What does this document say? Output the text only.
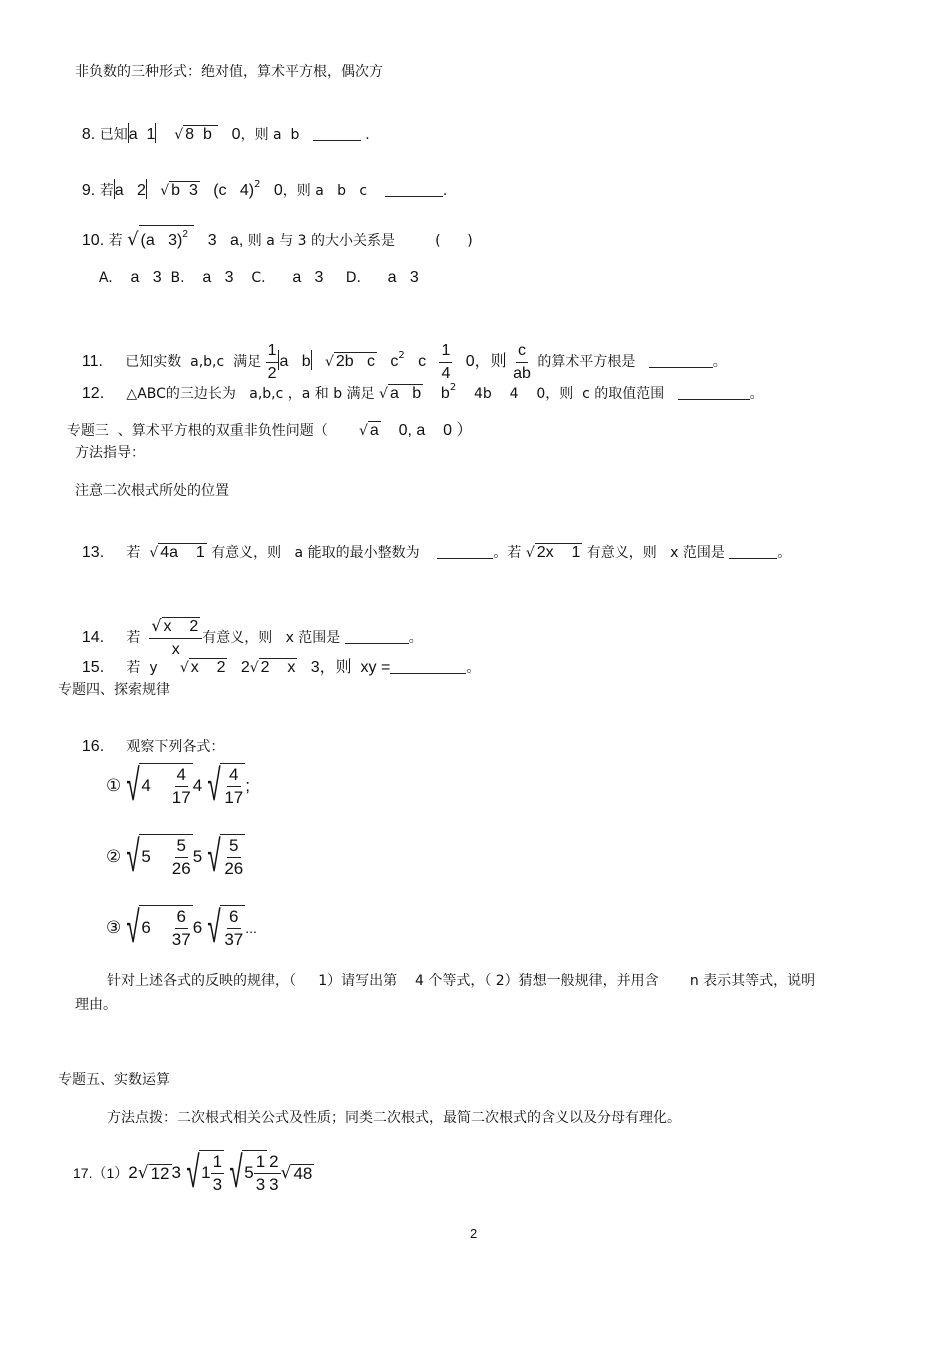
非负数的三种形式：绝对值，算术平方根，偶次方

8. 已知a 1 √ 8 b 0，则 a  b	.

9. 若a 2 √ b 3 (c 4)$^2$ 0，则 a   b   c	.

10. 若 √ (a   3)$^2$ 3   a, 则 a 与 3 的大小关系是	(      )

A. a   3 B. a   3 C. a   3 D. a   3

11. 已知实数  a,b,c  满足 $\frac{1}{2}$ a   b √ 2b   c $c^2$ c $\frac{1}{4} 0$，则 $\frac{c}{ab}$ 的算术平方根是	。

12. △ABC的三边长为   a,b,c ，a 和 b 满足 √ a   b $b^2$ 4b    4    0，则  c 的取值范围	。

专题三  、算术平方根的双重非负性问题（ √ a 0, a    0 ）

方法指导：
注意二次根式所处的位置

13. 若 √ 4a    1 有意义，则   a 能取的最小整数为	。若 √ 2x    1 有意义，则   x 范围是	。

14. 若 $\frac{√ x 2}{x}$ 有意义，则   x 范围是	。

15. 若  y √ x    2 2√ 2    x 3，则  xy =	。

专题四、探索规律

16. 观察下列各式：

① √ $4 \frac{4}{17} 4$ √ $\frac{4}{17}$ ;
② √ $5 \frac{5}{26} 5$ √ $\frac{5}{26}$
③ √ $6 \frac{6}{37} 6$ √ $\frac{6}{37}$ ...
针对上述各式的反映的规律，（     1）请写出第    4 个等式，（ 2）猜想一般规律，并用含       n 表示其等式，说明
理由。
专题五、实数运算
方法点拨：二次根式相关公式及性质；同类二次根式，最简二次根式的含义以及分母有理化。
17. （1） 2 √ 12 3 √ $1 \frac{1}{3}$ √ $5 \frac{1}{3} \frac{2}{3}$ √ 48
2
